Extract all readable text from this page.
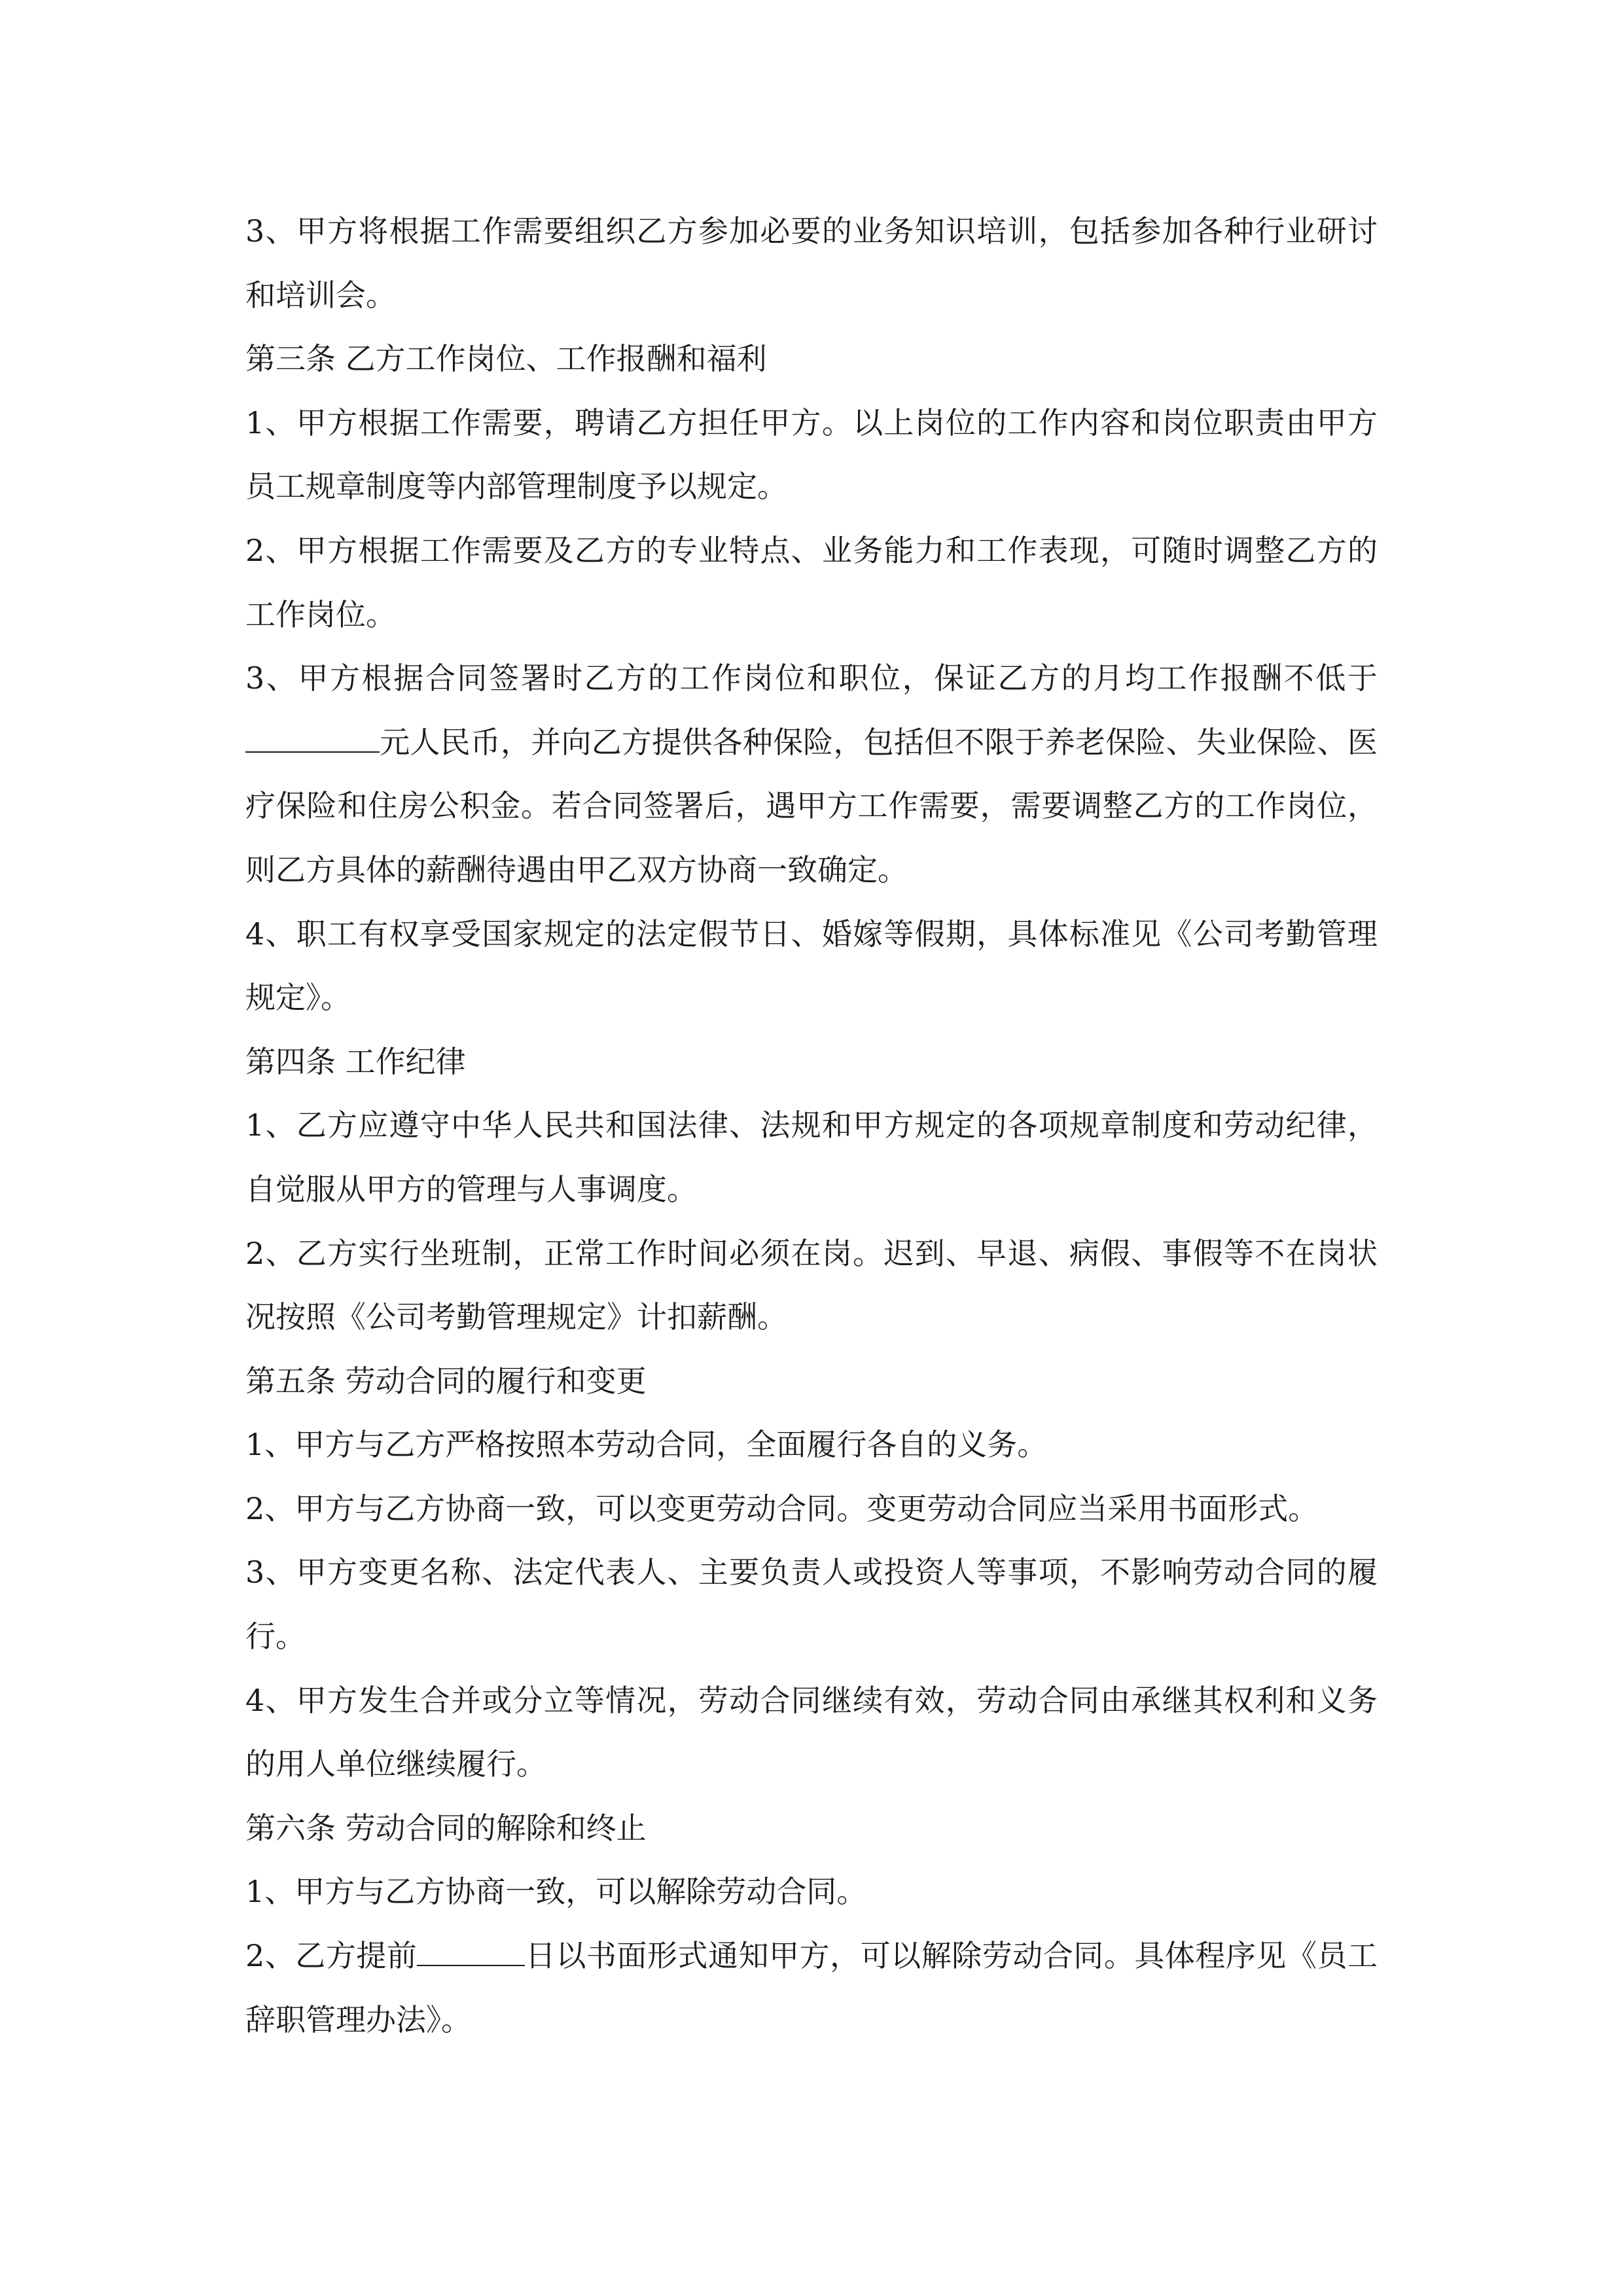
3、甲方将根据工作需要组织乙方参加必要的业务知识培训，包括参加各种行业研讨和培训会。

第三条 乙方工作岗位、工作报酬和福利

1、甲方根据工作需要，聘请乙方担任甲方。以上岗位的工作内容和岗位职责由甲方员工规章制度等内部管理制度予以规定。

2、甲方根据工作需要及乙方的专业特点、业务能力和工作表现，可随时调整乙方的工作岗位。

3、甲方根据合同签署时乙方的工作岗位和职位，保证乙方的月均工作报酬不低于元人民币，并向乙方提供各种保险，包括但不限于养老保险、失业保险、医疗保险和住房公积金。若合同签署后，遇甲方工作需要，需要调整乙方的工作岗位，则乙方具体的薪酬待遇由甲乙双方协商一致确定。

4、职工有权享受国家规定的法定假节日、婚嫁等假期，具体标准见《公司考勤管理规定》。

第四条 工作纪律

1、乙方应遵守中华人民共和国法律、法规和甲方规定的各项规章制度和劳动纪律，自觉服从甲方的管理与人事调度。

2、乙方实行坐班制，正常工作时间必须在岗。迟到、早退、病假、事假等不在岗状况按照《公司考勤管理规定》计扣薪酬。

第五条 劳动合同的履行和变更

1、甲方与乙方严格按照本劳动合同，全面履行各自的义务。

2、甲方与乙方协商一致，可以变更劳动合同。变更劳动合同应当采用书面形式。

3、甲方变更名称、法定代表人、主要负责人或投资人等事项，不影响劳动合同的履行。

4、甲方发生合并或分立等情况，劳动合同继续有效，劳动合同由承继其权利和义务的用人单位继续履行。

第六条 劳动合同的解除和终止

1、甲方与乙方协商一致，可以解除劳动合同。

2、乙方提前	日以书面形式通知甲方，可以解除劳动合同。具体程序见《员工辞职管理办法》。
